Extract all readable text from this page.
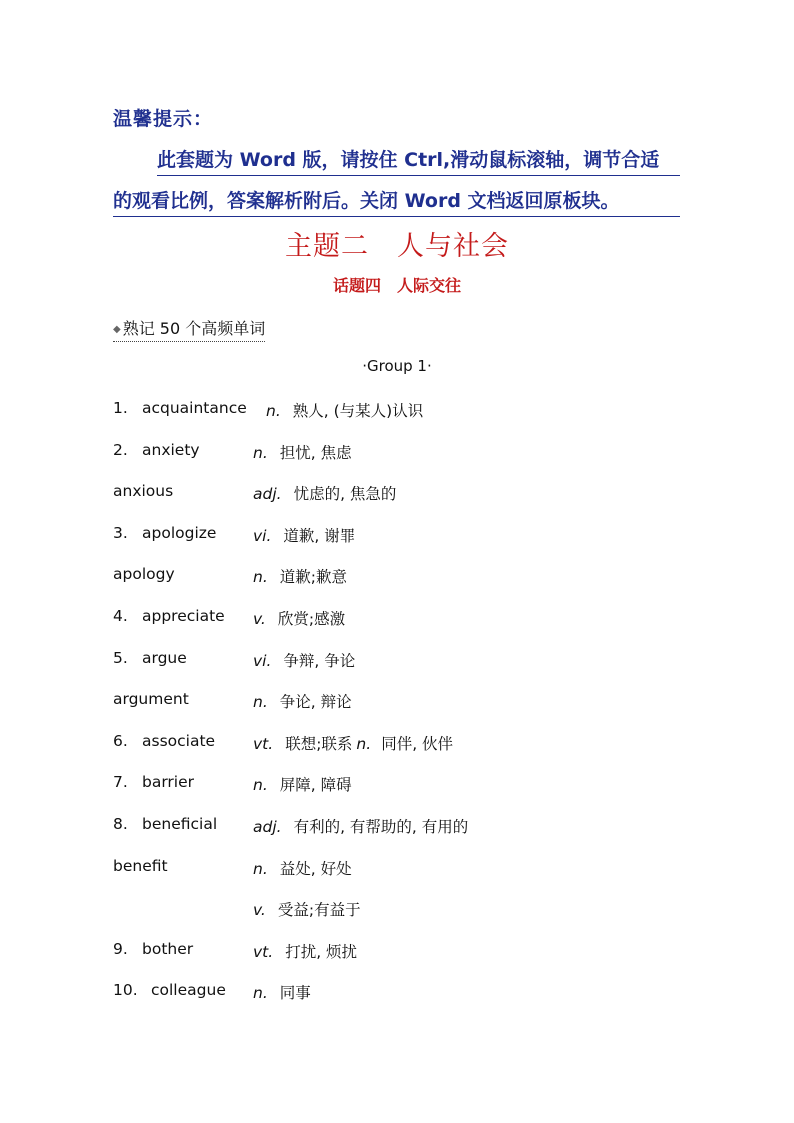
温馨提示：
此套题为 Word 版，请按住 Ctrl,滑动鼠标滚轴，调节合适
的观看比例，答案解析附后。关闭 Word 文档返回原板块。
主题二　人与社会
话题四　人际交往
◆ 熟记 50 个高频单词
·Group 1·
1. acquaintance n. 熟人, (与某人)认识
2. anxiety	n. 担忧, 焦虑
anxious	adj. 忧虑的, 焦急的
3. apologize vi. 道歉, 谢罪
apology	n. 道歉;歉意
4. appreciate v. 欣赏;感激
5. argue	vi. 争辩, 争论
argument	n. 争论, 辩论
6. associate vt. 联想;联系 n. 同伴, 伙伴
7. barrier	n. 屏障, 障碍
8. beneficial adj. 有利的, 有帮助的, 有用的
benefit	n. 益处, 好处
v. 受益;有益于
9. bother	vt. 打扰, 烦扰
10. colleague n. 同事
